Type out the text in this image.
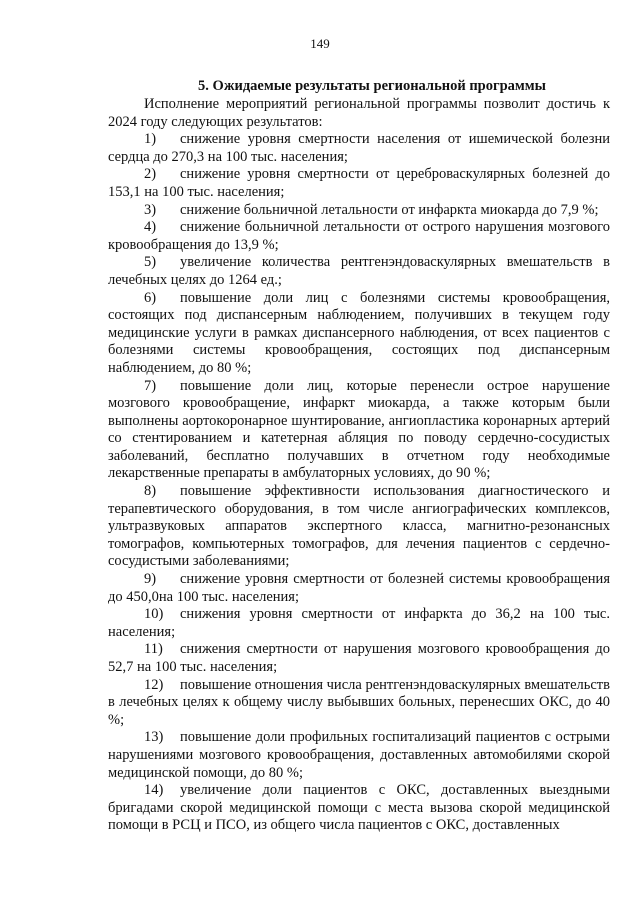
149
5. Ожидаемые результаты региональной программы

Исполнение мероприятий региональной программы позволит достичь к 2024 году следующих результатов:

1) снижение уровня смертности населения от ишемической болезни сердца до 270,3 на 100 тыс. населения;

2) снижение уровня смертности от цереброваскулярных болезней до 153,1 на 100 тыс. населения;

3) снижение больничной летальности от инфаркта миокарда до 7,9 %;

4) снижение больничной летальности от острого нарушения мозгового кровообращения до 13,9 %;

5) увеличение количества рентгенэндоваскулярных вмешательств в лечебных целях до 1264 ед.;

6) повышение доли лиц с болезнями системы кровообращения, состоящих под диспансерным наблюдением, получивших в текущем году медицинские услуги в рамках диспансерного наблюдения, от всех пациентов с болезнями системы кровообращения, состоящих под диспансерным наблюдением, до 80 %;

7) повышение доли лиц, которые перенесли острое нарушение мозгового кровообращение, инфаркт миокарда, а также которым были выполнены аортокоронарное шунтирование, ангиопластика коронарных артерий со стентированием и катетерная абляция по поводу сердечно-сосудистых заболеваний, бесплатно получавших в отчетном году необходимые лекарственные препараты в амбулаторных условиях, до 90 %;

8) повышение эффективности использования диагностического и терапевтического оборудования, в том числе ангиографических комплексов, ультразвуковых аппаратов экспертного класса, магнитно-резонансных томографов, компьютерных томографов, для лечения пациентов с сердечно-сосудистыми заболеваниями;

9) снижение уровня смертности от болезней системы кровообращения до 450,0на 100 тыс. населения;

10) снижения уровня смертности от инфаркта до 36,2 на 100 тыс. населения;

11) снижения смертности от нарушения мозгового кровообращения до 52,7 на 100 тыс. населения;

12) повышение отношения числа рентгенэндоваскулярных вмешательств в лечебных целях к общему числу выбывших больных, перенесших ОКС, до 40 %;

13) повышение доли профильных госпитализаций пациентов с острыми нарушениями мозгового кровообращения, доставленных автомобилями скорой медицинской помощи, до 80 %;

14) увеличение доли пациентов с ОКС, доставленных выездными бригадами скорой медицинской помощи с места вызова скорой медицинской помощи в РСЦ и ПСО, из общего числа пациентов с ОКС, доставленных
